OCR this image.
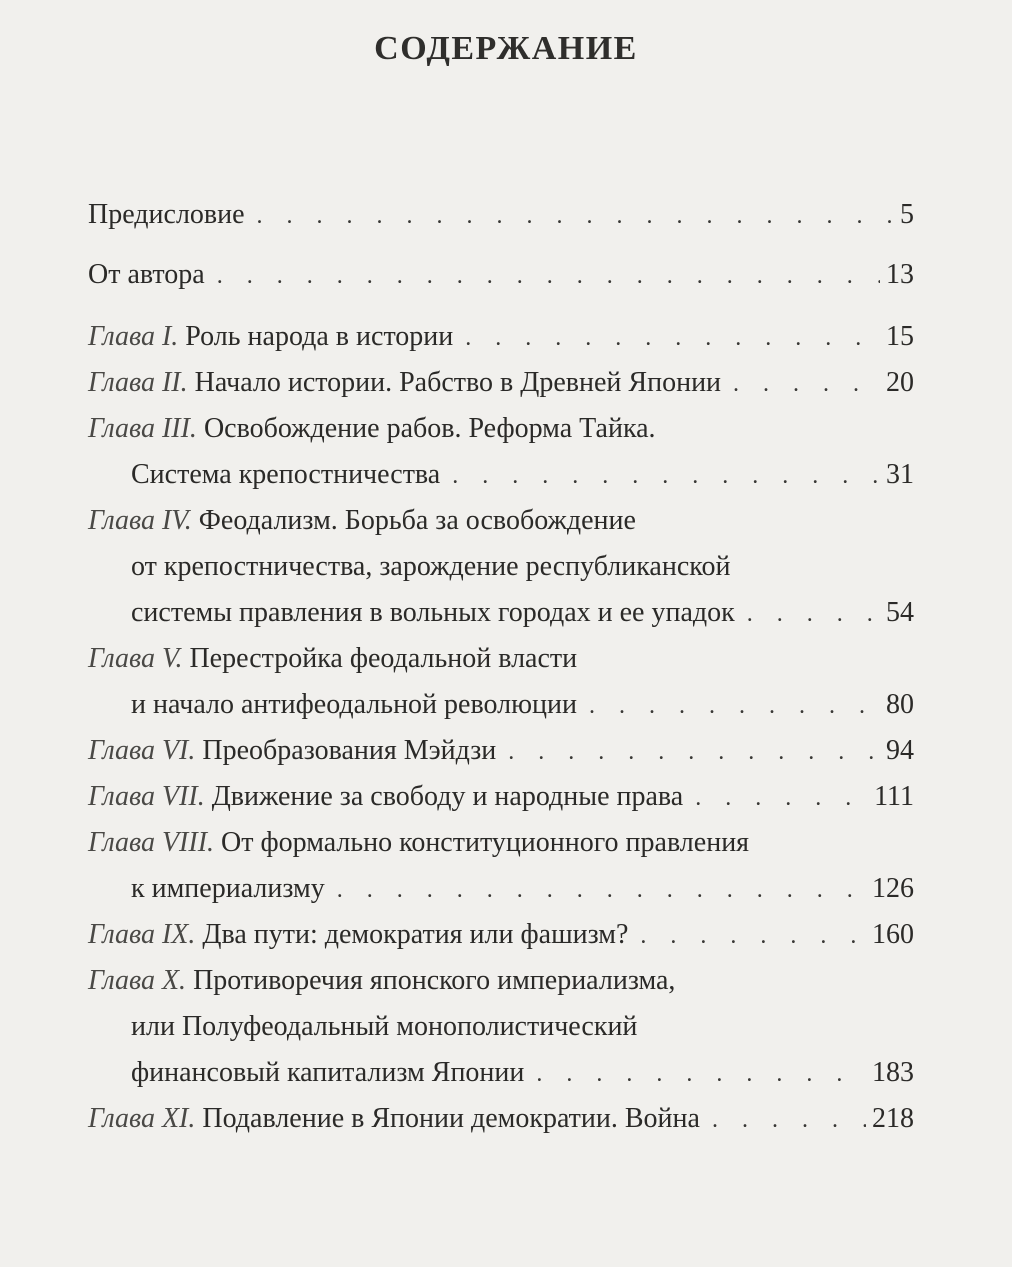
СОДЕРЖАНИЕ
Предисловие . . .	5
От автора . . .	13
Глава I. Роль народа в истории . . .	15
Глава II. Начало истории. Рабство в Древней Японии . . .	20
Глава III. Освобождение рабов. Реформа Тайка.
Система крепостничества . . .	31
Глава IV. Феодализм. Борьба за освобождение
от крепостничества, зарождение республиканской
системы правления в вольных городах и ее упадок . . .	54
Глава V. Перестройка феодальной власти
и начало антифеодальной революции . . .	80
Глава VI. Преобразования Мэйдзи . . .	94
Глава VII. Движение за свободу и народные права . . .	111
Глава VIII. От формально конституционного правления
к империализму . . .	126
Глава IX. Два пути: демократия или фашизм? . . .	160
Глава X. Противоречия японского империализма,
или Полуфеодальный монополистический
финансовый капитализм Японии . . .	183
Глава XI. Подавление в Японии демократии. Война . . .	218
